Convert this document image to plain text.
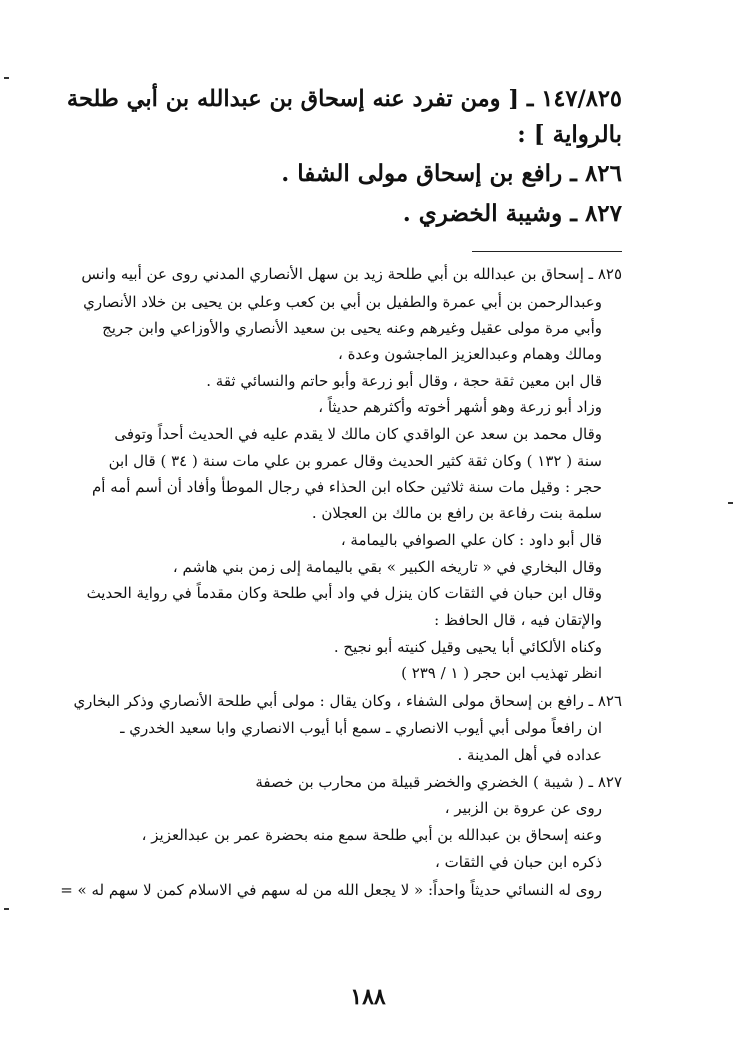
١٤٧/٨٢٥ ـ [ ومن تفرد عنه إسحاق بن عبدالله بن أبي طلحة
بالرواية ] :
٨٢٦ ـ رافع بن إسحاق مولى الشفا .
٨٢٧ ـ وشيبة الخضري .
٨٢٥ ـ إسحاق بن عبدالله بن أبي طلحة زيد بن سهل الأنصاري المدني روى عن أبيه وانس
وعبدالرحمن بن أبي عمرة والطفيل بن أبي بن كعب وعلي بن يحيى بن خلاد الأنصاري
وأبي مرة مولى عقيل وغيرهم وعنه يحيى بن سعيد الأنصاري والأوزاعي وابن جريج
ومالك وهمام وعبدالعزيز الماجشون وعدة ،
قال ابن معين ثقة حجة ، وقال أبو زرعة وأبو حاتم والنسائي ثقة .
وزاد أبو زرعة وهو أشهر أخوته وأكثرهم حديثاً ،
وقال محمد بن سعد عن الواقدي كان مالك لا يقدم عليه في الحديث أحداً وتوفى
سنة ( ١٣٢ ) وكان ثقة كثير الحديث وقال عمرو بن علي مات سنة ( ٣٤ ) قال ابن
حجر : وقيل مات سنة ثلاثين حكاه ابن الحذاء في رجال الموطأ وأفاد أن أسم أمه أم
سلمة بنت رفاعة بن رافع بن مالك بن العجلان .
قال أبو داود : كان علي الصوافي باليمامة ،
وقال البخاري في « تاريخه الكبير » بقي باليمامة إلى زمن بني هاشم ،
وقال ابن حبان في الثقات كان ينزل في واد أبي طلحة وكان مقدماً في رواية الحديث
والإتقان فيه ، قال الحافظ :
وكناه الألكائي أبا يحيى وقيل كنيته أبو نجيح .
انظر تهذيب ابن حجر ( ١ / ٢٣٩ )
٨٢٦ ـ رافع بن إسحاق مولى الشفاء ، وكان يقال : مولى أبي طلحة الأنصاري وذكر البخاري
ان رافعاً مولى أبي أيوب الانصاري ـ سمع أبا أيوب الانصاري وابا سعيد الخدري ـ
عداده في أهل المدينة .
٨٢٧ ـ ( شيبة ) الخضري والخضر قبيلة من محارب بن خصفة
روى عن عروة بن الزبير ،
وعنه إسحاق بن عبدالله بن أبي طلحة سمع منه بحضرة عمر بن عبدالعزيز ،
ذكره ابن حبان في الثقات ،
روى له النسائي حديثاً واحداً: « لا يجعل الله من له سهم في الاسلام كمن لا سهم له » =
١٨٨
